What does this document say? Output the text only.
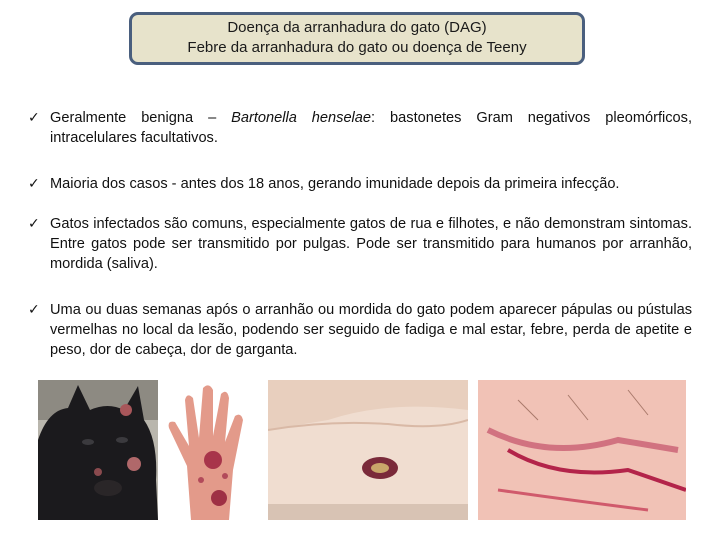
Doença da arranhadura do gato (DAG)
Febre da arranhadura do gato ou doença de Teeny
✓ Geralmente benigna – Bartonella henselae: bastonetes Gram negativos pleomórficos, intracelulares facultativos.
✓ Maioria dos casos - antes dos 18 anos, gerando imunidade depois da primeira infecção.
✓ Gatos infectados são comuns, especialmente gatos de rua e filhotes, e não demonstram sintomas. Entre gatos pode ser transmitido por pulgas. Pode ser transmitido para humanos por arranhão, mordida (saliva).
✓ Uma ou duas semanas após o arranhão ou mordida do gato podem aparecer pápulas ou pústulas vermelhas no local da lesão, podendo ser seguido de fadiga e mal estar, febre, perda de apetite e peso, dor de cabeça, dor de garganta.
